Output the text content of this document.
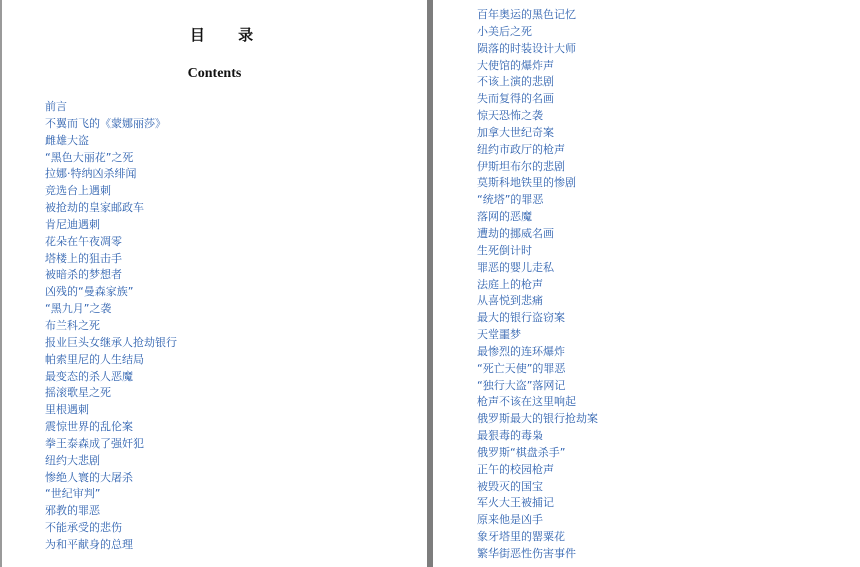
目 录
Contents
前言
不翼而飞的《蒙娜丽莎》
雌雄大盗
“黑色大丽花”之死
拉娜·特纳凶杀绯闻
竞选台上遇刺
被抢劫的皇家邮政车
肯尼迪遇刺
花朵在午夜凋零
塔楼上的狙击手
被暗杀的梦想者
凶残的“曼森家族”
“黑九月”之袭
布兰科之死
报业巨头女继承人抢劫银行
帕索里尼的人生结局
最变态的杀人恶魔
摇滚歌星之死
里根遇刺
震惊世界的乱伦案
拳王泰森成了强奸犯
纽约大悲剧
惨绝人寰的大屠杀
“世纪审判”
邪教的罪恶
不能承受的悲伤
为和平献身的总理
百年奥运的黑色记忆
小美后之死
陨落的时装设计大师
大使馆的爆炸声
不该上演的悲剧
失而复得的名画
惊天恐怖之袭
加拿大世纪奇案
纽约市政厅的枪声
伊斯坦布尔的悲剧
莫斯科地铁里的惨剧
“统塔”的罪恶
落网的恶魔
遭劫的挪威名画
生死倒计时
罪恶的婴儿走私
法庭上的枪声
从喜悦到悲痛
最大的银行盗窃案
天堂噩梦
最惨烈的连环爆炸
“死亡天使”的罪恶
“独行大盗”落网记
枪声不该在这里响起
俄罗斯最大的银行抢劫案
最狠毒的毒枭
俄罗斯“棋盘杀手”
正午的校园枪声
被毁灭的国宝
军火大王被捕记
原来他是凶手
象牙塔里的罂粟花
繁华街恶性伤害事件
